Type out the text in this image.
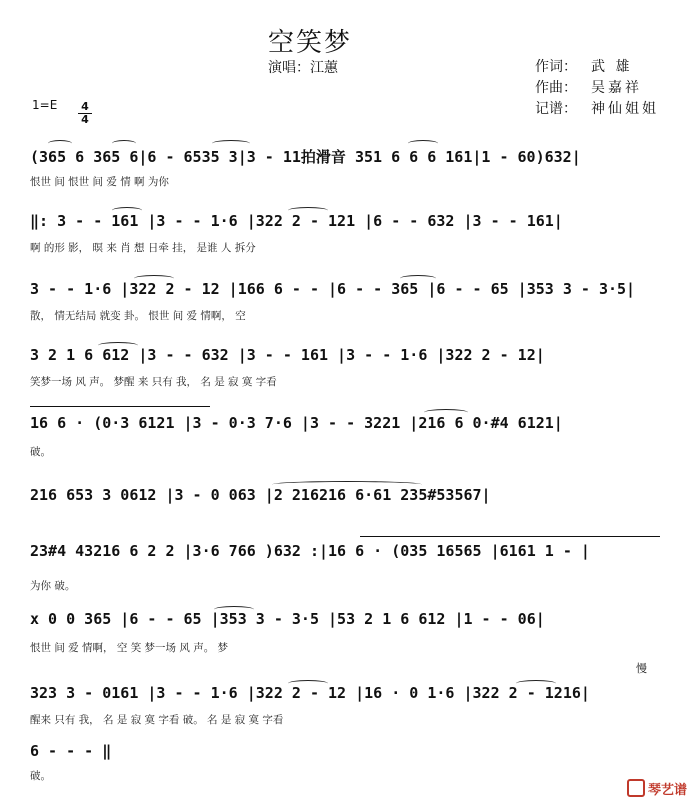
空笑梦
演唱：江蕙	作词： 武 雄
作曲： 吴嘉祥
记谱： 神仙姐姐
1=E 4
4
(365 6 365 6|6 - 6535 3|3 - 11拍滑音 351 6 6 6 161|1 - 60)632|
恨世 间 恨世 间 爱 情 啊 为你
‖: 3 - - 161 |3 - - 1·6 |322 2 - 121 |6 - - 632 |3 - - 161|
啊 的形 影， 暝 来 肖 想 日牵 挂， 是谁 人 拆分
3 - - 1·6 |322 2 - 12 |166 6 - - |6 - - 365 |6 - - 65 |353 3 - 3·5|
散， 情无结局 就变 卦。 恨世 间 爱 情啊， 空
3 2 1 6 612 |3 - - 632 |3 - - 161 |3 - - 1·6 |322 2 - 12|
笑梦一场 风 声。 梦醒 来 只有 我， 名 是 寂 寞 字看
16 6 · (0·3 6121 |3 - 0·3 7·6 |3 - - 3221 |216 6 0·#4 6121|
破。
216 653 3 0612 |3 - 0 063 |2 216216 6·61 235#53567|
23#4 43216 6 2 2 |3·6 766 )632 :|16 6 · (035 16565 |6161 1 - |
为你 破。
x 0 0 365 |6 - - 65 |353 3 - 3·5 |53 2 1 6 612 |1 - - 06|
恨世 间 爱 情啊， 空 笑 梦一场 风 声。 梦
323 3 - 0161 |3 - - 1·6 |322 2 - 12 |16 · 0 1·6 |322 2 - 1216|
醒来 只有 我， 名 是 寂 寞 字看 破。 名 是 寂 寞 字看
6 - - - ‖
破。
慢
琴艺谱
